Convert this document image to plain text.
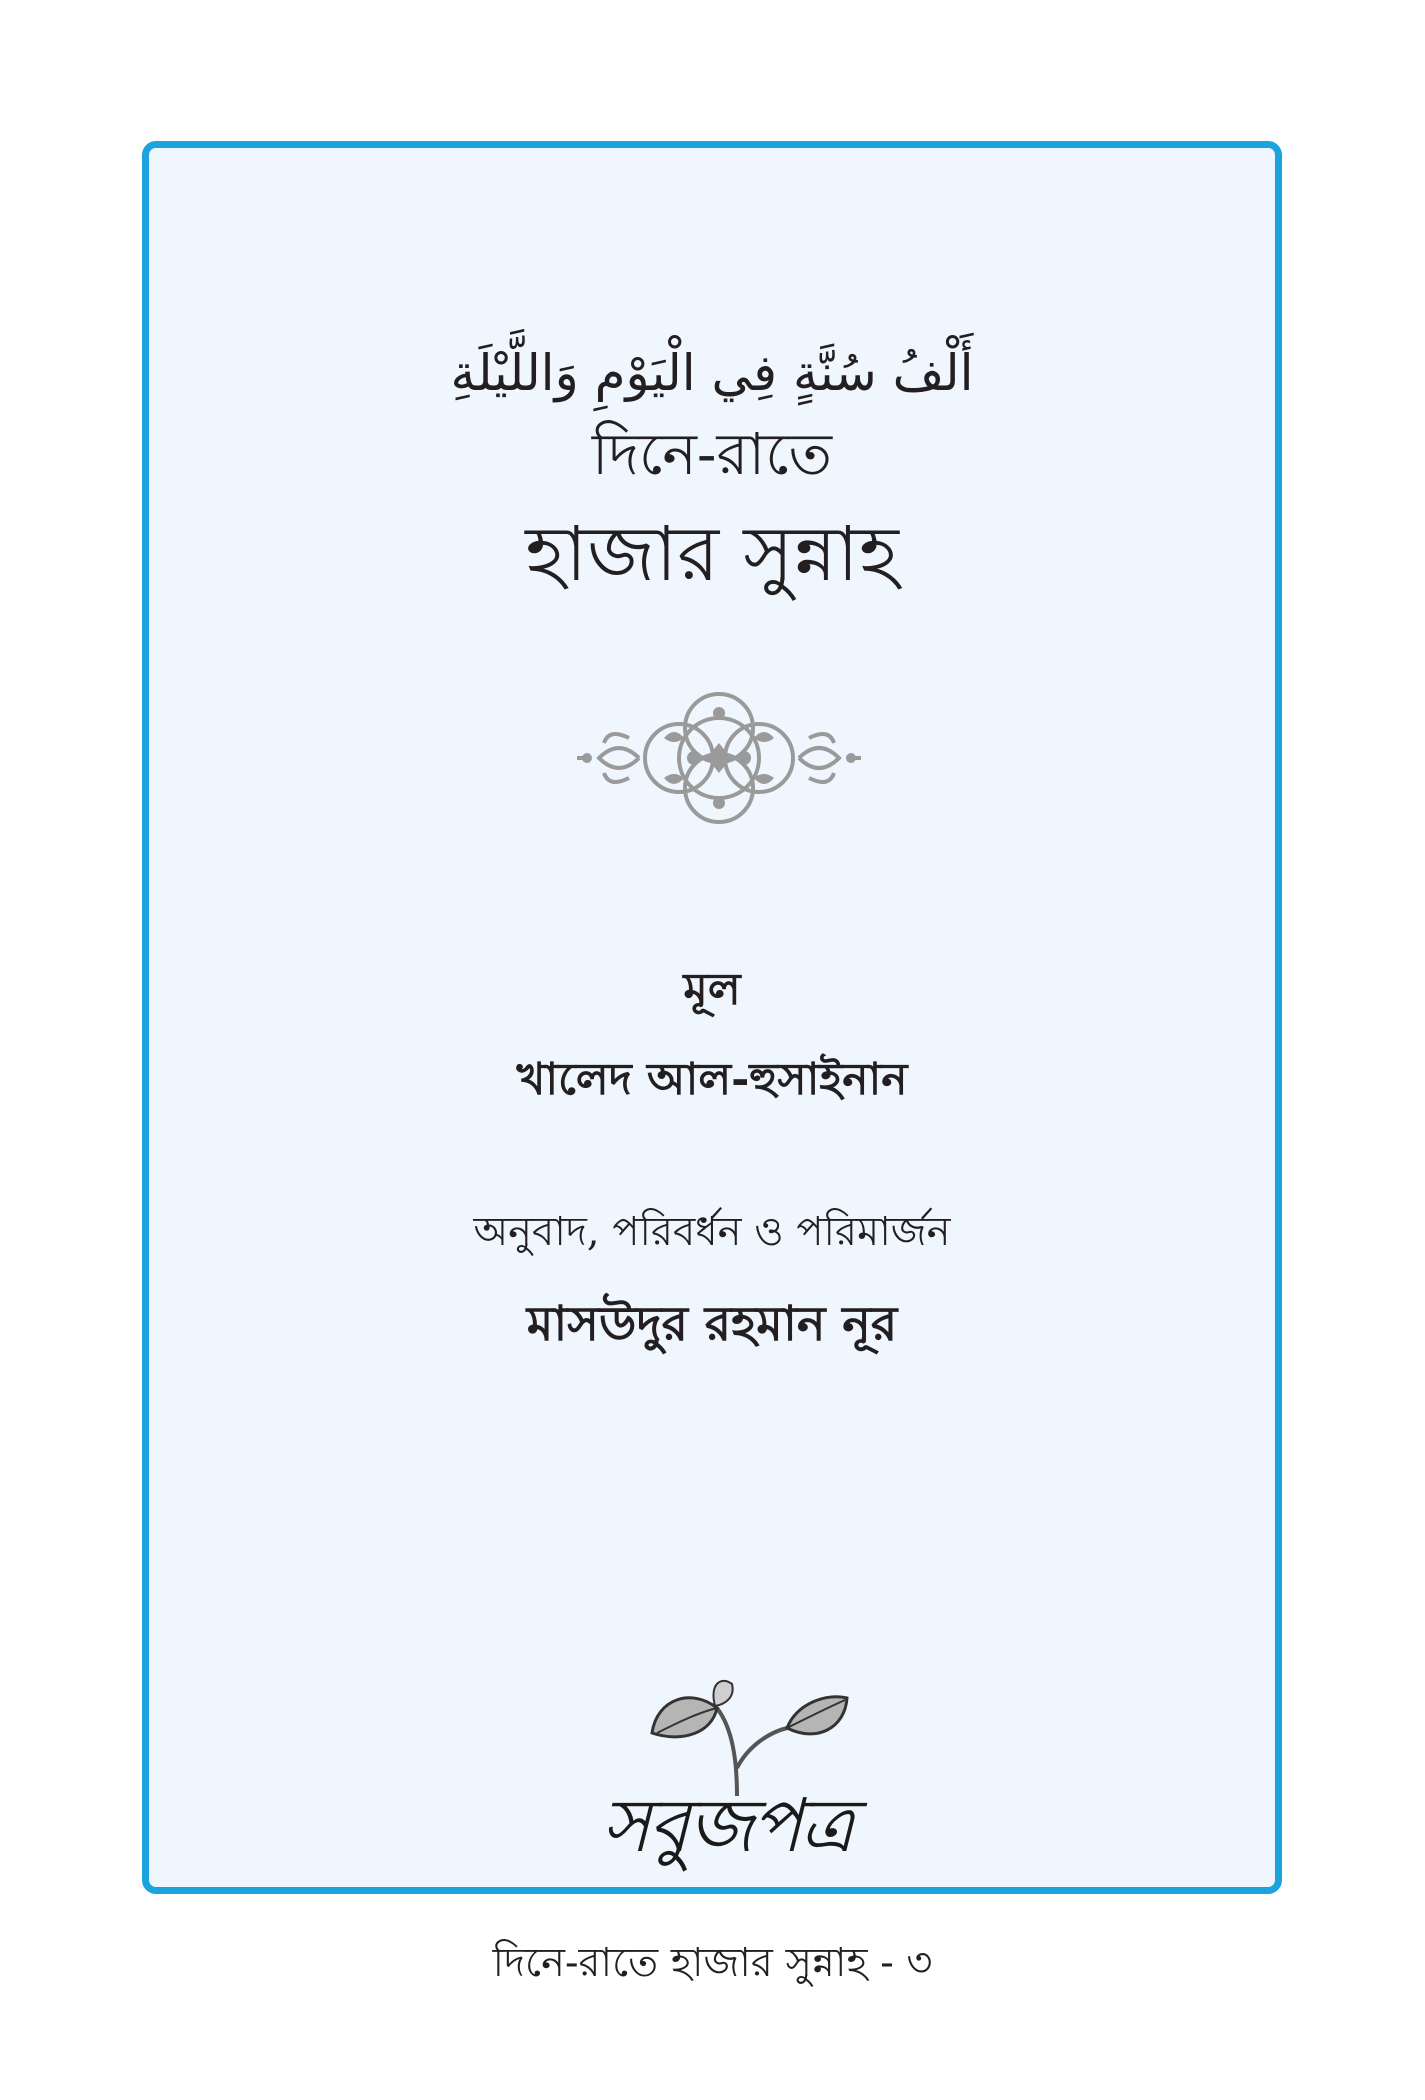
أَلْفُ سُنَّةٍ فِي الْيَوْمِ وَاللَّيْلَةِ
দিনে-রাতে
হাজার সুন্নাহ
মূল
খালেদ আল-হুসাইনান
অনুবাদ, পরিবর্ধন ও পরিমার্জন
মাসউদুর রহমান নূর
সবুজপত্র
দিনে-রাতে হাজার সুন্নাহ - ৩
